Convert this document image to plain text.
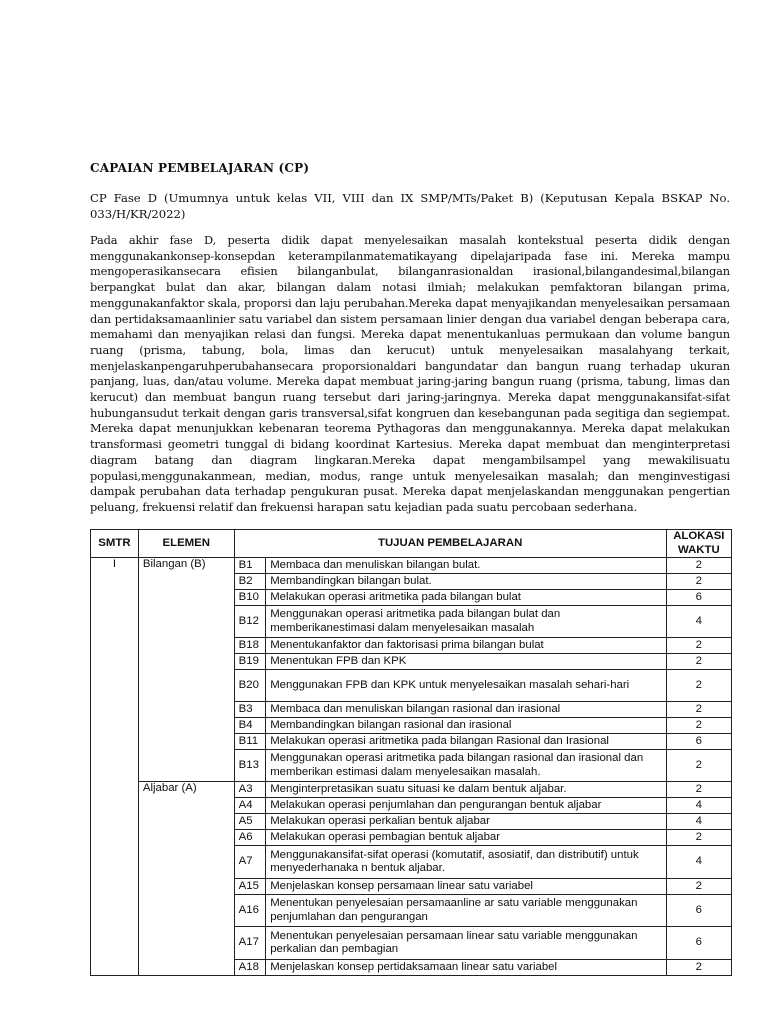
CAPAIAN PEMBELAJARAN (CP)
CP Fase D (Umumnya untuk kelas VII, VIII dan IX SMP/MTs/Paket B) (Keputusan Kepala BSKAP No. 033/H/KR/2022)
Pada akhir fase D, peserta didik dapat menyelesaikan masalah kontekstual peserta didik dengan menggunakankonsep-konsepdan keterampilanmatematikayang dipelajaripada fase ini. Mereka mampu mengoperasikansecara efisien bilanganbulat, bilanganrasionaldan irasional,bilangandesimal,bilangan berpangkat bulat dan akar, bilangan dalam notasi ilmiah; melakukan pemfaktoran bilangan prima, menggunakanfaktor skala, proporsi dan laju perubahan.Mereka dapat menyajikandan menyelesaikan persamaan dan pertidaksamaanlinier satu variabel dan sistem persamaan linier dengan dua variabel dengan beberapa cara, memahami dan menyajikan relasi dan fungsi. Mereka dapat menentukanluas permukaan dan volume bangun ruang (prisma, tabung, bola, limas dan kerucut) untuk menyelesaikan masalahyang terkait, menjelaskanpengaruhperubahansecara proporsionaldari bangundatar dan bangun ruang terhadap ukuran panjang, luas, dan/atau volume. Mereka dapat membuat jaring-jaring bangun ruang (prisma, tabung, limas dan kerucut) dan membuat bangun ruang tersebut dari jaring-jaringnya. Mereka dapat menggunakansifat-sifat hubungansudut terkait dengan garis transversal,sifat kongruen dan kesebangunan pada segitiga dan segiempat. Mereka dapat menunjukkan kebenaran teorema Pythagoras dan menggunakannya. Mereka dapat melakukan transformasi geometri tunggal di bidang koordinat Kartesius. Mereka dapat membuat dan menginterpretasi diagram batang dan diagram lingkaran.Mereka dapat mengambilsampel yang mewakilisuatu populasi,menggunakanmean, median, modus, range untuk menyelesaikan masalah; dan menginvestigasi dampak perubahan data terhadap pengukuran pusat. Mereka dapat menjelaskandan menggunakan pengertian peluang, frekuensi relatif dan frekuensi harapan satu kejadian pada suatu percobaan sederhana.
SMTR	ELEMEN	TUJUAN PEMBELAJARAN		ALOKASI WAKTU
I	Bilangan (B)	B1	Membaca dan menuliskan bilangan bulat.	2
		B2	Membandingkan bilangan bulat.	2
		B10	Melakukan operasi aritmetika pada bilangan bulat	6
		B12	Menggunakan operasi aritmetika pada bilangan bulat dan memberikanestimasi dalam menyelesaikan masalah	4
		B18	Menentukanfaktor dan faktorisasi prima bilangan bulat	2
		B19	Menentukan FPB dan KPK	2
		B20	Menggunakan FPB dan KPK untuk menyelesaikan masalah sehari-hari	2
		B3	Membaca dan menuliskan bilangan rasional dan irasional	2
		B4	Membandingkan bilangan rasional dan irasional	2
		B11	Melakukan operasi aritmetika pada bilangan Rasional dan Irasional	6
		B13	Menggunakan operasi aritmetika pada bilangan rasional dan irasional dan memberikan estimasi dalam menyelesaikan masalah.	2
	Aljabar (A)	A3	Menginterpretasikan suatu situasi ke dalam bentuk aljabar.	2
		A4	Melakukan operasi penjumlahan dan pengurangan bentuk aljabar	4
		A5	Melakukan operasi perkalian bentuk aljabar	4
		A6	Melakukan operasi pembagian bentuk aljabar	2
		A7	Menggunakansifat-sifat operasi (komutatif, asosiatif, dan distributif) untuk menyederhanaka n bentuk aljabar.	4
		A15	Menjelaskan konsep persamaan linear satu variabel	2
		A16	Menentukan penyelesaian persamaanline ar satu variable menggunakan penjumlahan dan pengurangan	6
		A17	Menentukan penyelesaian persamaan linear satu variable menggunakan perkalian dan pembagian	6
		A18	Menjelaskan konsep pertidaksamaan linear satu variabel	2
